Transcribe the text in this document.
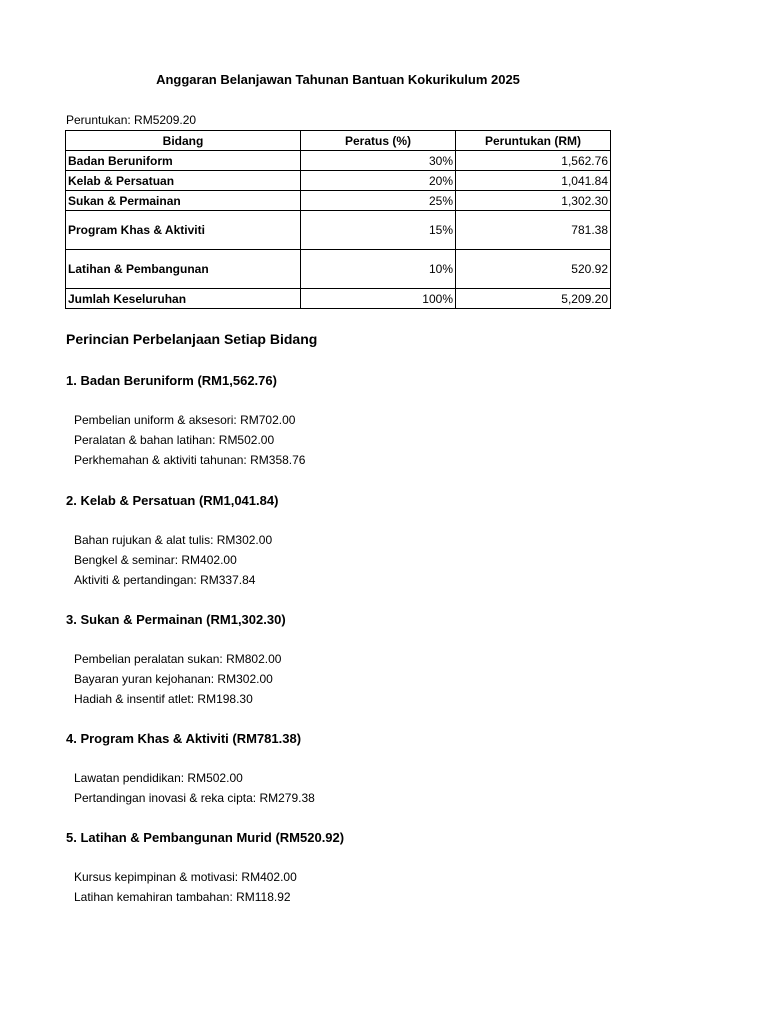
Anggaran Belanjawan Tahunan Bantuan Kokurikulum 2025
Peruntukan: RM5209.20
Bidang	Peratus (%)	Peruntukan (RM)
Badan Beruniform	30%	1,562.76
Kelab & Persatuan	20%	1,041.84
Sukan & Permainan	25%	1,302.30
Program Khas & Aktiviti	15%	781.38
Latihan & Pembangunan	10%	520.92
Jumlah Keseluruhan	100%	5,209.20
Perincian Perbelanjaan Setiap Bidang
1. Badan Beruniform (RM1,562.76)
Pembelian uniform & aksesori: RM702.00
Peralatan & bahan latihan: RM502.00
Perkhemahan & aktiviti tahunan: RM358.76
2. Kelab & Persatuan (RM1,041.84)
Bahan rujukan & alat tulis: RM302.00
Bengkel & seminar: RM402.00
Aktiviti & pertandingan: RM337.84
3. Sukan & Permainan (RM1,302.30)
Pembelian peralatan sukan: RM802.00
Bayaran yuran kejohanan: RM302.00
Hadiah & insentif atlet: RM198.30
4. Program Khas & Aktiviti (RM781.38)
Lawatan pendidikan: RM502.00
Pertandingan inovasi & reka cipta: RM279.38
5. Latihan & Pembangunan Murid (RM520.92)
Kursus kepimpinan & motivasi: RM402.00
Latihan kemahiran tambahan: RM118.92
